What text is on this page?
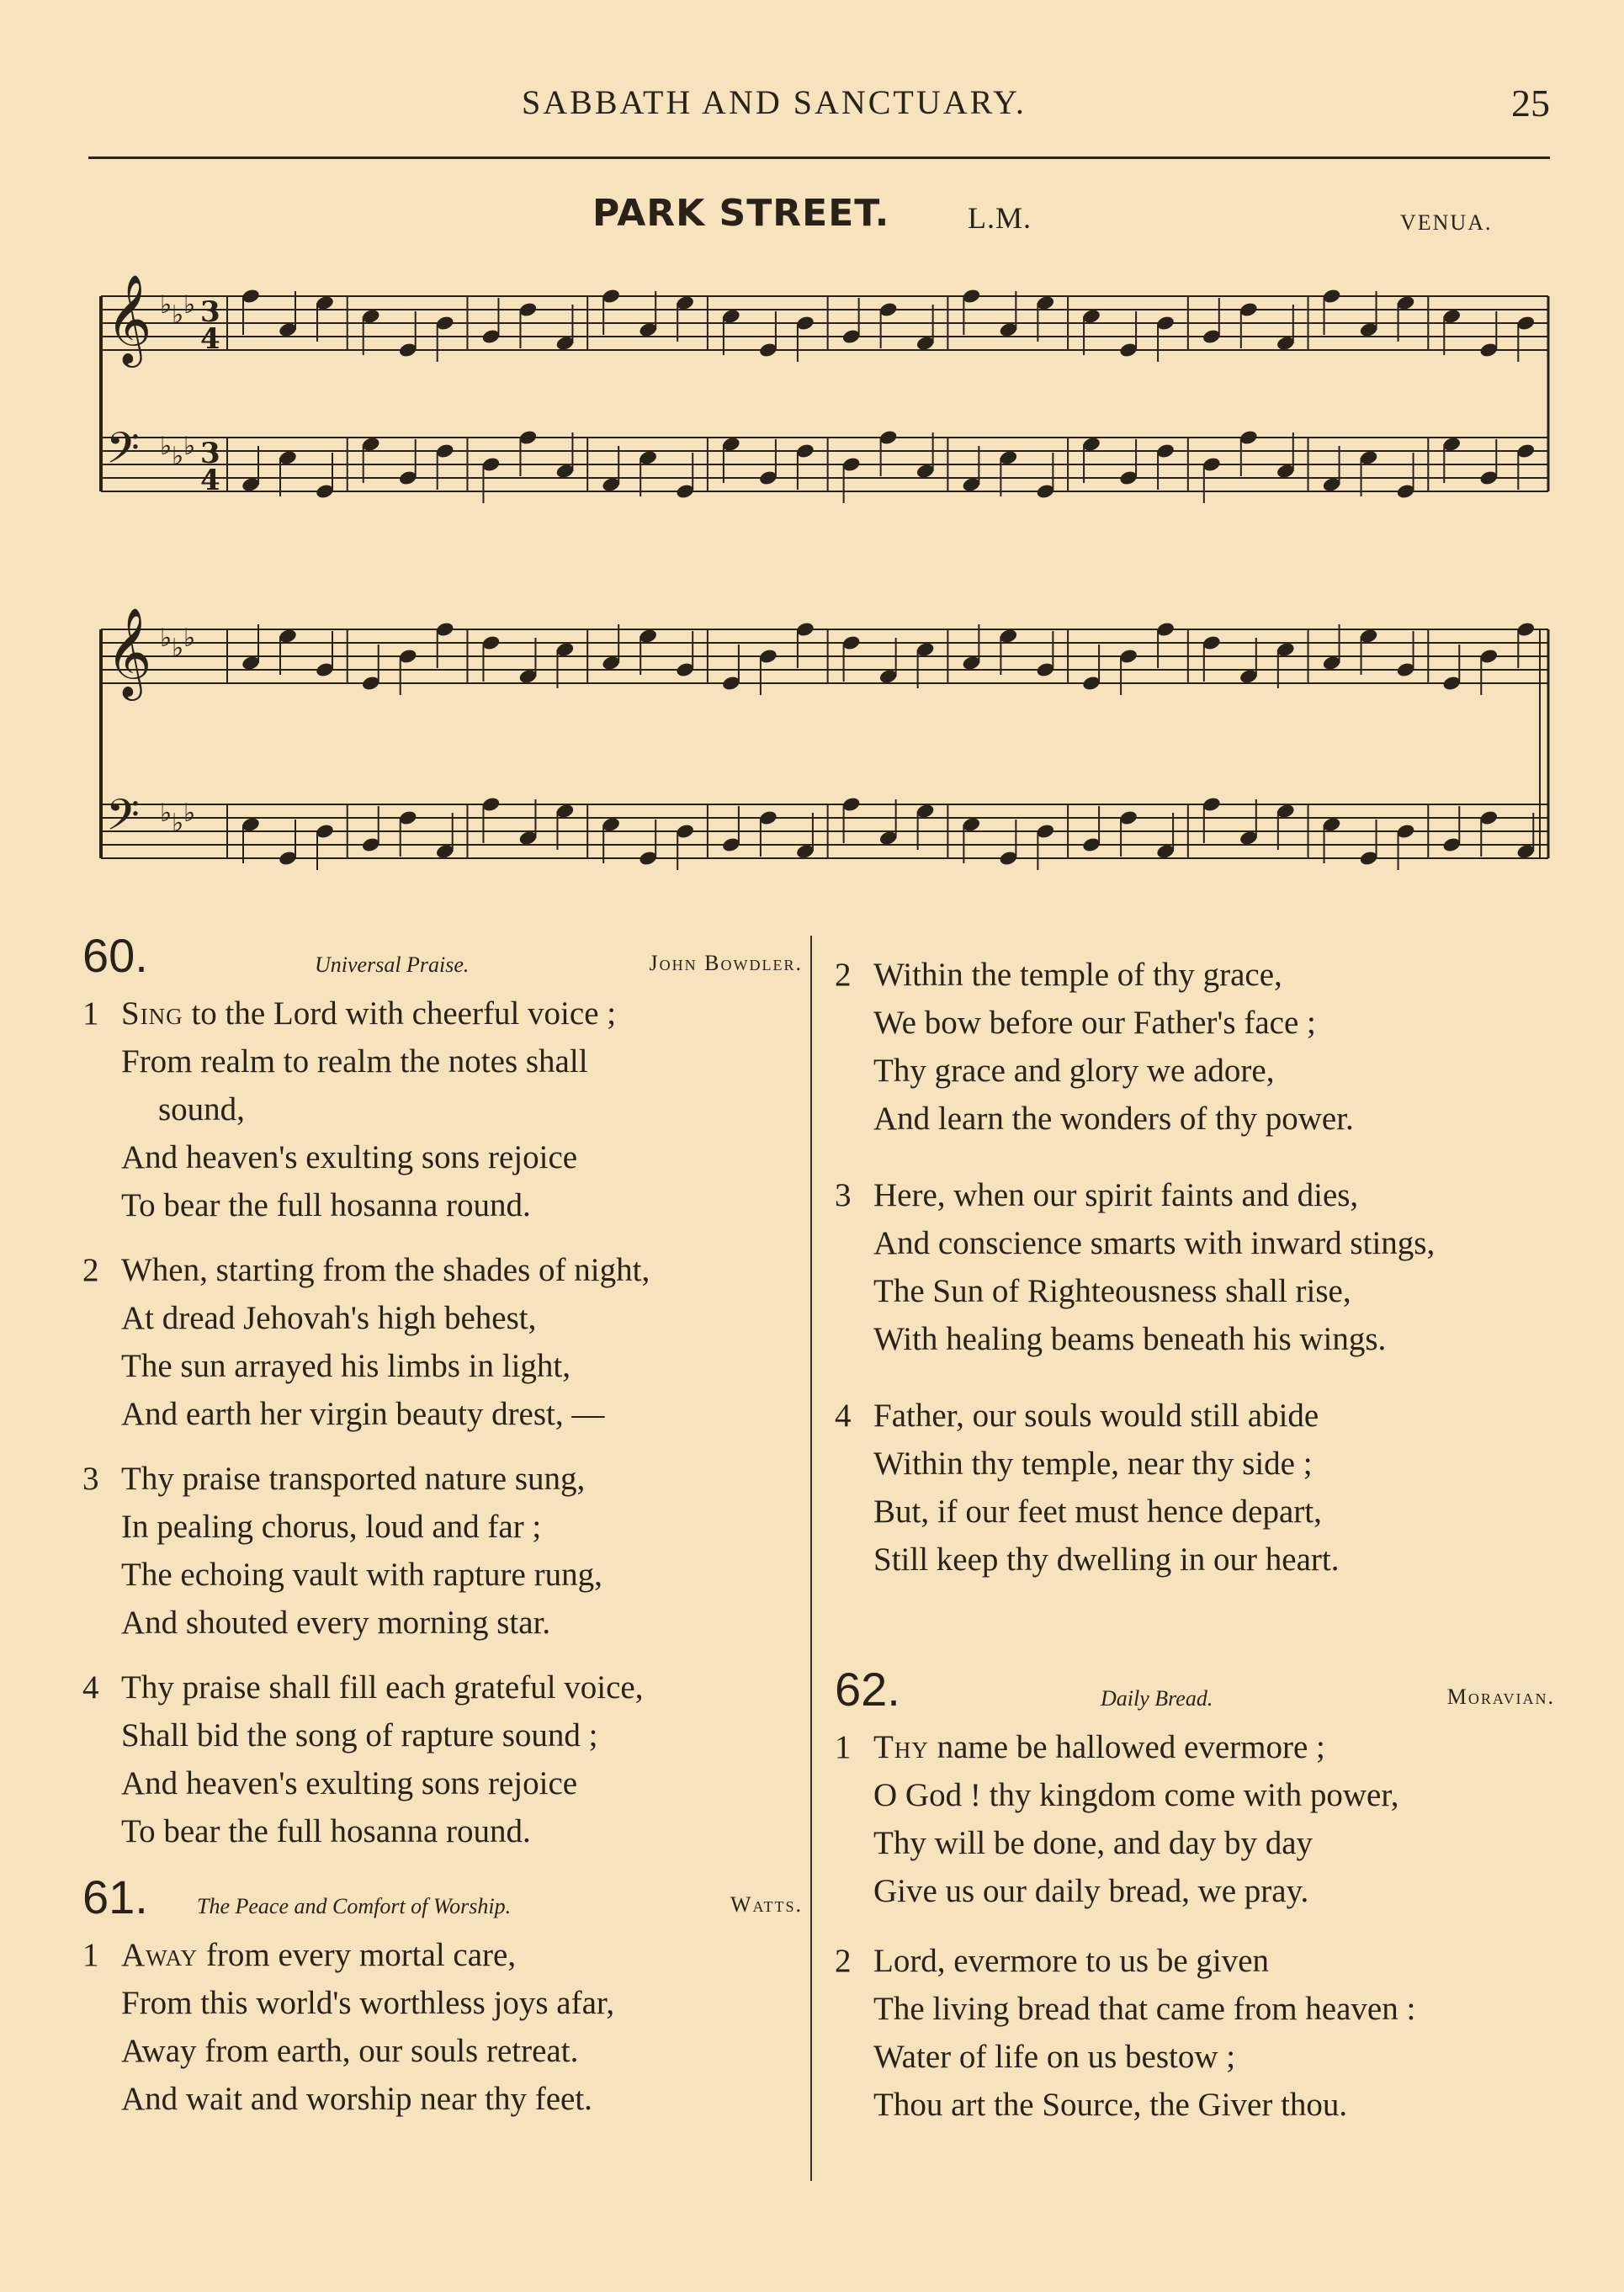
SABBATH AND SANCTUARY.	25
PARK STREET.	L.M.	VENUA.
𝄞 ♭ ♭ ♭
𝄢 ♭ ♭ ♭
𝄞 ♭ ♭ ♭
𝄢 ♭ ♭ ♭
3
4
3
4
60.	Universal Praise.	John Bowdler.
1 Sing to the Lord with cheerful voice ;
From realm to realm the notes shall
sound,
And heaven's exulting sons rejoice
To bear the full hosanna round.
2 When, starting from the shades of night,
At dread Jehovah's high behest,
The sun arrayed his limbs in light,
And earth her virgin beauty drest, —
3 Thy praise transported nature sung,
In pealing chorus, loud and far ;
The echoing vault with rapture rung,
And shouted every morning star.
4 Thy praise shall fill each grateful voice,
Shall bid the song of rapture sound ;
And heaven's exulting sons rejoice
To bear the full hosanna round.
61. The Peace and Comfort of Worship.	Watts.
1 Away from every mortal care,
From this world's worthless joys afar,
Away from earth, our souls retreat.
And wait and worship near thy feet.
2 Within the temple of thy grace,
We bow before our Father's face ;
Thy grace and glory we adore,
And learn the wonders of thy power.
3 Here, when our spirit faints and dies,
And conscience smarts with inward stings,
The Sun of Righteousness shall rise,
With healing beams beneath his wings.
4 Father, our souls would still abide
Within thy temple, near thy side ;
But, if our feet must hence depart,
Still keep thy dwelling in our heart.
62.	Daily Bread.	Moravian.
1 Thy name be hallowed evermore ;
O God ! thy kingdom come with power,
Thy will be done, and day by day
Give us our daily bread, we pray.
2 Lord, evermore to us be given
The living bread that came from heaven :
Water of life on us bestow ;
Thou art the Source, the Giver thou.
